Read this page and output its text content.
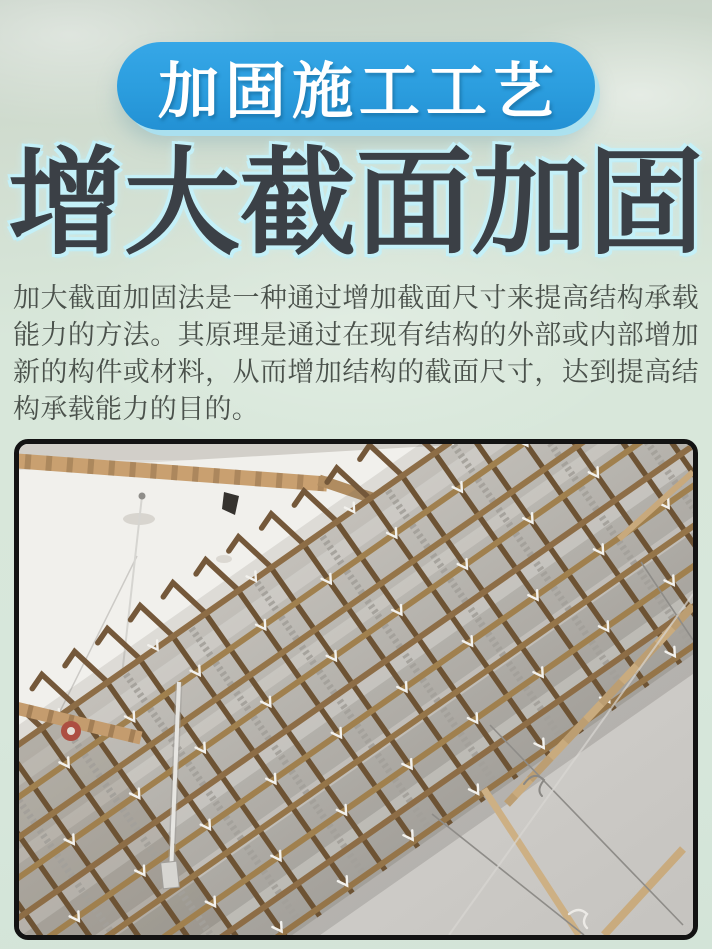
加固施工工艺
增大截面加固

加大截面加固法是一种通过增加截面尺寸来提高结构承载能力的方法。其原理是通过在现有结构的外部或内部增加新的构件或材料，从而增加结构的截面尺寸，达到提高结构承载能力的目的。
